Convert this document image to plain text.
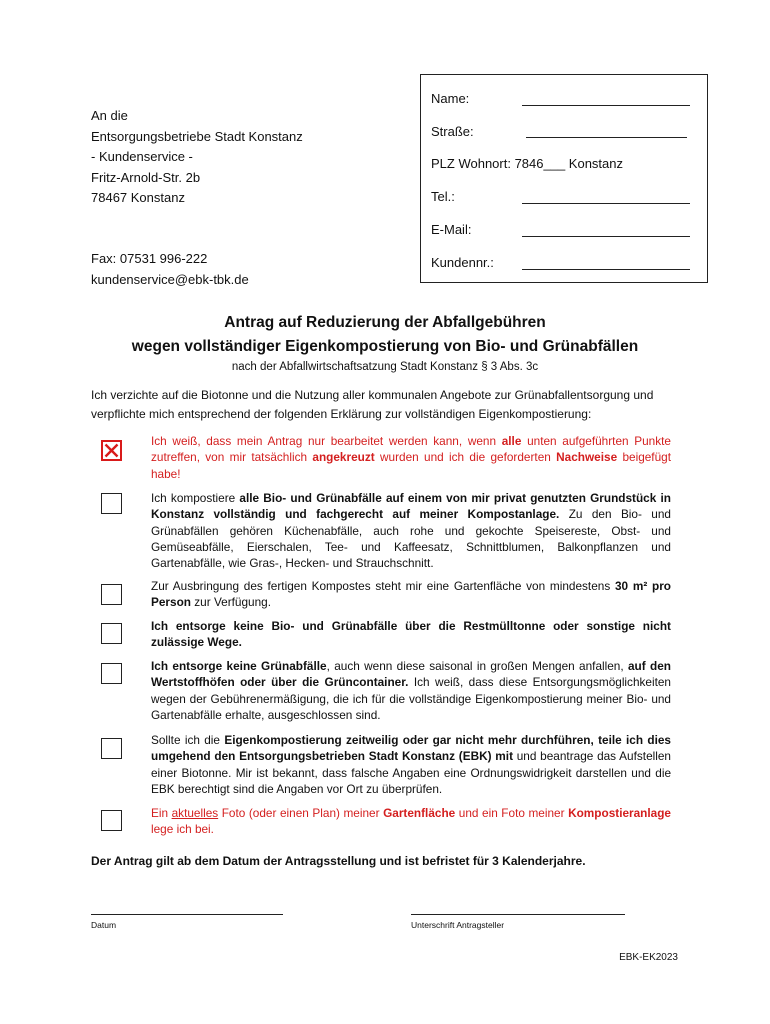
An die
Entsorgungsbetriebe Stadt Konstanz
- Kundenservice -
Fritz-Arnold-Str. 2b
78467 Konstanz
Fax: 07531 996-222
kundenservice@ebk-tbk.de
Name:
Straße:
PLZ Wohnort: 7846___ Konstanz
Tel.:
E-Mail:
Kundennr.:
Antrag auf Reduzierung der Abfallgebühren
wegen vollständiger Eigenkompostierung von Bio- und Grünabfällen
nach der Abfallwirtschaftsatzung Stadt Konstanz § 3 Abs. 3c
Ich verzichte auf die Biotonne und die Nutzung aller kommunalen Angebote zur Grünabfallentsorgung und verpflichte mich entsprechend der folgenden Erklärung zur vollständigen Eigenkompostierung:
Ich weiß, dass mein Antrag nur bearbeitet werden kann, wenn alle unten aufgeführten Punkte zutreffen, von mir tatsächlich angekreuzt wurden und ich die geforderten Nachweise beigefügt habe!
Ich kompostiere alle Bio- und Grünabfälle auf einem von mir privat genutzten Grundstück in Konstanz vollständig und fachgerecht auf meiner Kompostanlage. Zu den Bio- und Grünabfällen gehören Küchenabfälle, auch rohe und gekochte Speisereste, Obst- und Gemüseabfälle, Eierschalen, Tee- und Kaffeesatz, Schnittblumen, Balkonpflanzen und Gartenabfälle, wie Gras-, Hecken- und Strauchschnitt.
Zur Ausbringung des fertigen Kompostes steht mir eine Gartenfläche von mindestens 30 m² pro Person zur Verfügung.
Ich entsorge keine Bio- und Grünabfälle über die Restmülltonne oder sonstige nicht zulässige Wege.
Ich entsorge keine Grünabfälle, auch wenn diese saisonal in großen Mengen anfallen, auf den Wertstoffhöfen oder über die Grüncontainer. Ich weiß, dass diese Entsorgungsmöglichkeiten wegen der Gebührenermäßigung, die ich für die vollständige Eigenkompostierung meiner Bio- und Gartenabfälle erhalte, ausgeschlossen sind.
Sollte ich die Eigenkompostierung zeitweilig oder gar nicht mehr durchführen, teile ich dies umgehend den Entsorgungsbetrieben Stadt Konstanz (EBK) mit und beantrage das Aufstellen einer Biotonne. Mir ist bekannt, dass falsche Angaben eine Ordnungswidrigkeit darstellen und die EBK berechtigt sind die Angaben vor Ort zu überprüfen.
Ein aktuelles Foto (oder einen Plan) meiner Gartenfläche und ein Foto meiner Kompostieranlage lege ich bei.
Der Antrag gilt ab dem Datum der Antragsstellung und ist befristet für 3 Kalenderjahre.
Datum	Unterschrift Antragsteller
EBK-EK2023
